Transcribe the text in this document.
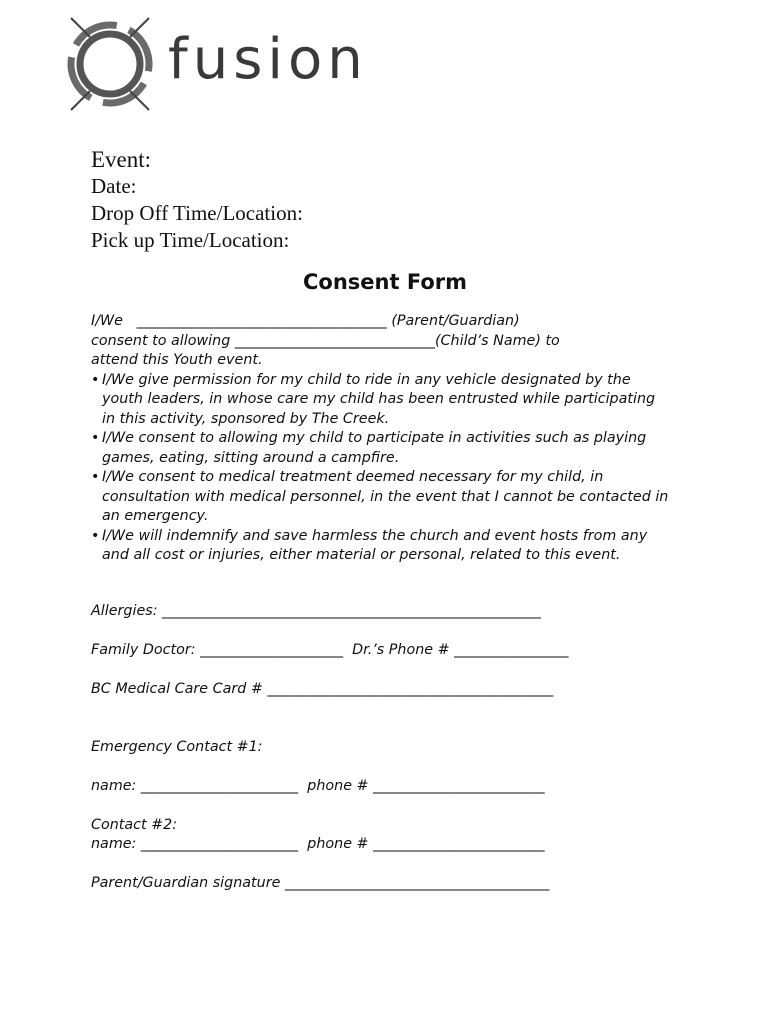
fusion
Event:
Date:
Drop Off Time/Location:
Pick up Time/Location:
Consent Form
I/We   ___________________________________ (Parent/Guardian)
consent to allowing ____________________________(Child’s Name) to
attend this Youth event.
• I/We give permission for my child to ride in any vehicle designated by the youth leaders, in whose care my child has been entrusted while participating in this activity, sponsored by The Creek.
• I/We consent to allowing my child to participate in activities such as playing games, eating, sitting around a campfire.
• I/We consent to medical treatment deemed necessary for my child, in consultation with medical personnel, in the event that I cannot be contacted in an emergency.
• I/We will indemnify and save harmless the church and event hosts from any and all cost or injuries, either material or personal, related to this event.
Allergies: _____________________________________________________
Family Doctor: ____________________  Dr.’s Phone # ________________
BC Medical Care Card # ________________________________________
Emergency Contact #1:
name: ______________________  phone # ________________________
Contact #2:
name: ______________________  phone # ________________________
Parent/Guardian signature _____________________________________
